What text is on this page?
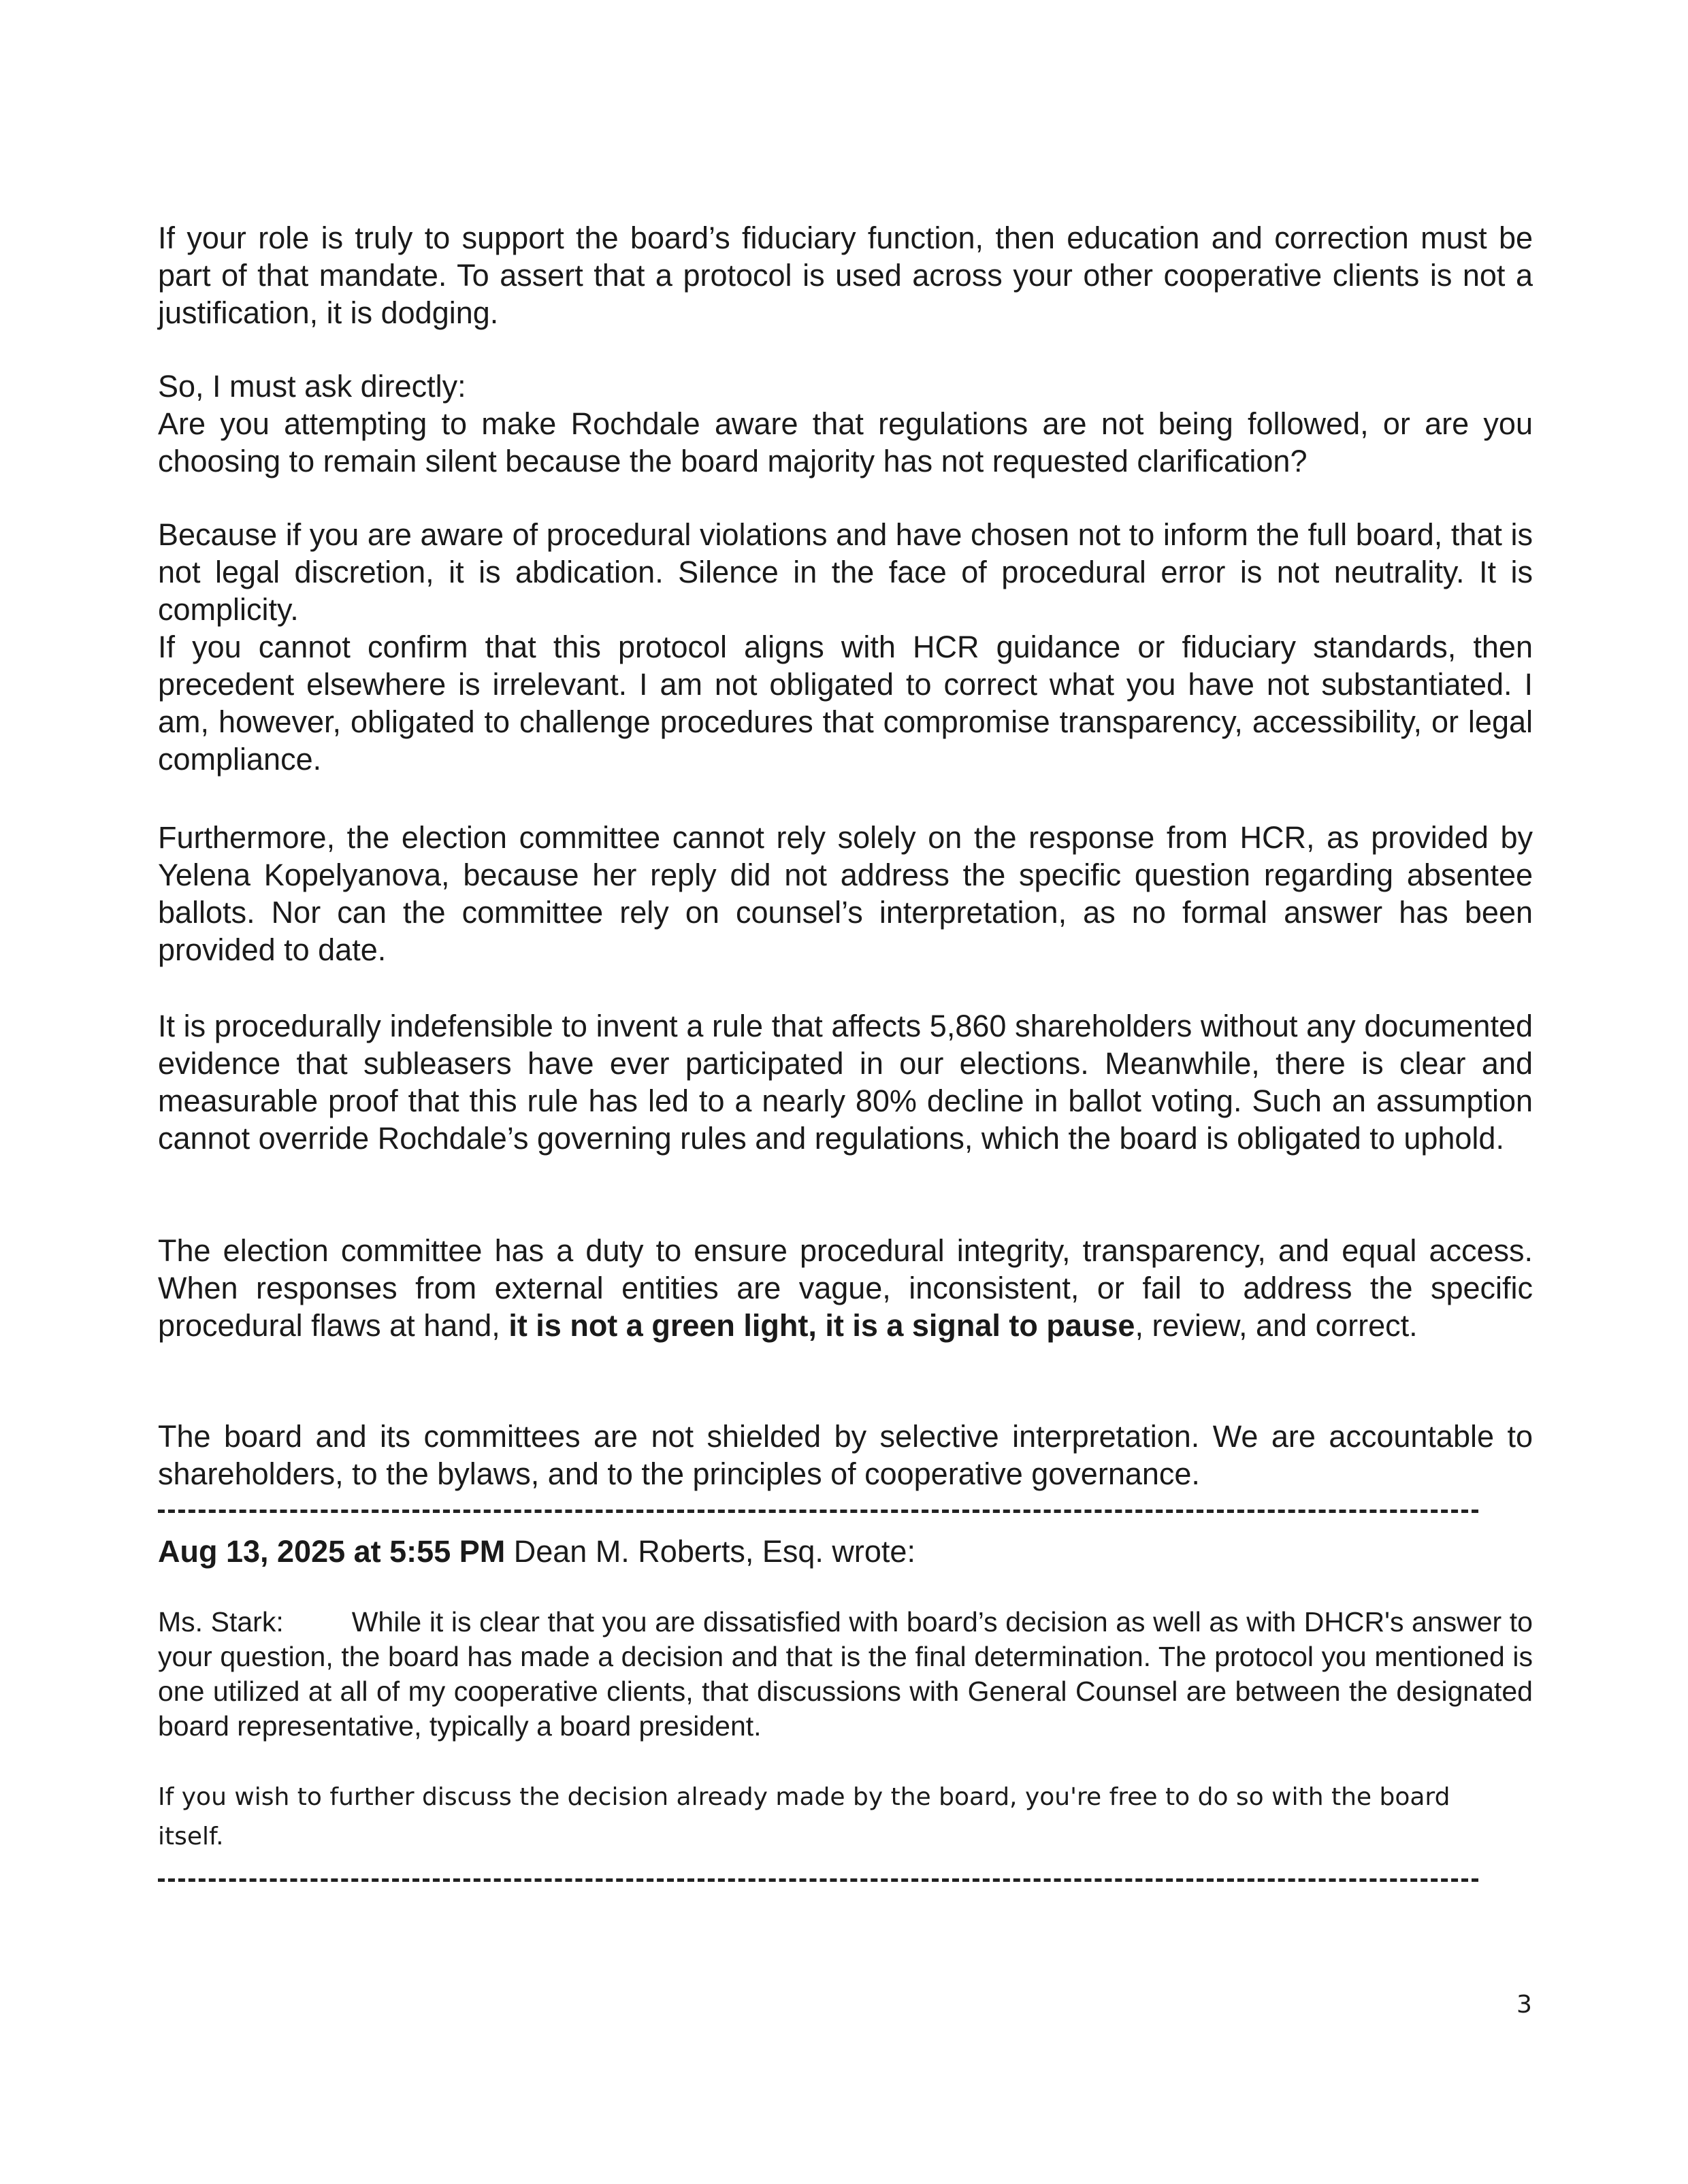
If your role is truly to support the board’s fiduciary function, then education and correction must be part of that mandate. To assert that a protocol is used across your other cooperative clients is not a justification, it is dodging.

So, I must ask directly:

Are you attempting to make Rochdale aware that regulations are not being followed, or are you choosing to remain silent because the board majority has not requested clarification?

Because if you are aware of procedural violations and have chosen not to inform the full board, that is not legal discretion, it is abdication. Silence in the face of procedural error is not neutrality. It is complicity.

If you cannot confirm that this protocol aligns with HCR guidance or fiduciary standards, then precedent elsewhere is irrelevant. I am not obligated to correct what you have not substantiated. I am, however, obligated to challenge procedures that compromise transparency, accessibility, or legal compliance.

Furthermore, the election committee cannot rely solely on the response from HCR, as provided by Yelena Kopelyanova, because her reply did not address the specific question regarding absentee ballots. Nor can the committee rely on counsel’s interpretation, as no formal answer has been provided to date.

It is procedurally indefensible to invent a rule that affects 5,860 shareholders without any documented evidence that subleasers have ever participated in our elections. Meanwhile, there is clear and measurable proof that this rule has led to a nearly 80% decline in ballot voting. Such an assumption cannot override Rochdale’s governing rules and regulations, which the board is obligated to uphold.

The election committee has a duty to ensure procedural integrity, transparency, and equal access. When responses from external entities are vague, inconsistent, or fail to address the specific procedural flaws at hand, it is not a green light, it is a signal to pause, review, and correct.

The board and its committees are not shielded by selective interpretation. We are accountable to shareholders, to the bylaws, and to the principles of cooperative governance.

Aug 13, 2025 at 5:55 PM Dean M. Roberts, Esq. wrote:

Ms. Stark: While it is clear that you are dissatisfied with board’s decision as well as with DHCR's answer to your question, the board has made a decision and that is the final determination. The protocol you mentioned is one utilized at all of my cooperative clients, that discussions with General Counsel are between the designated board representative, typically a board president.

If you wish to further discuss the decision already made by the board, you're free to do so with the board itself.

3
